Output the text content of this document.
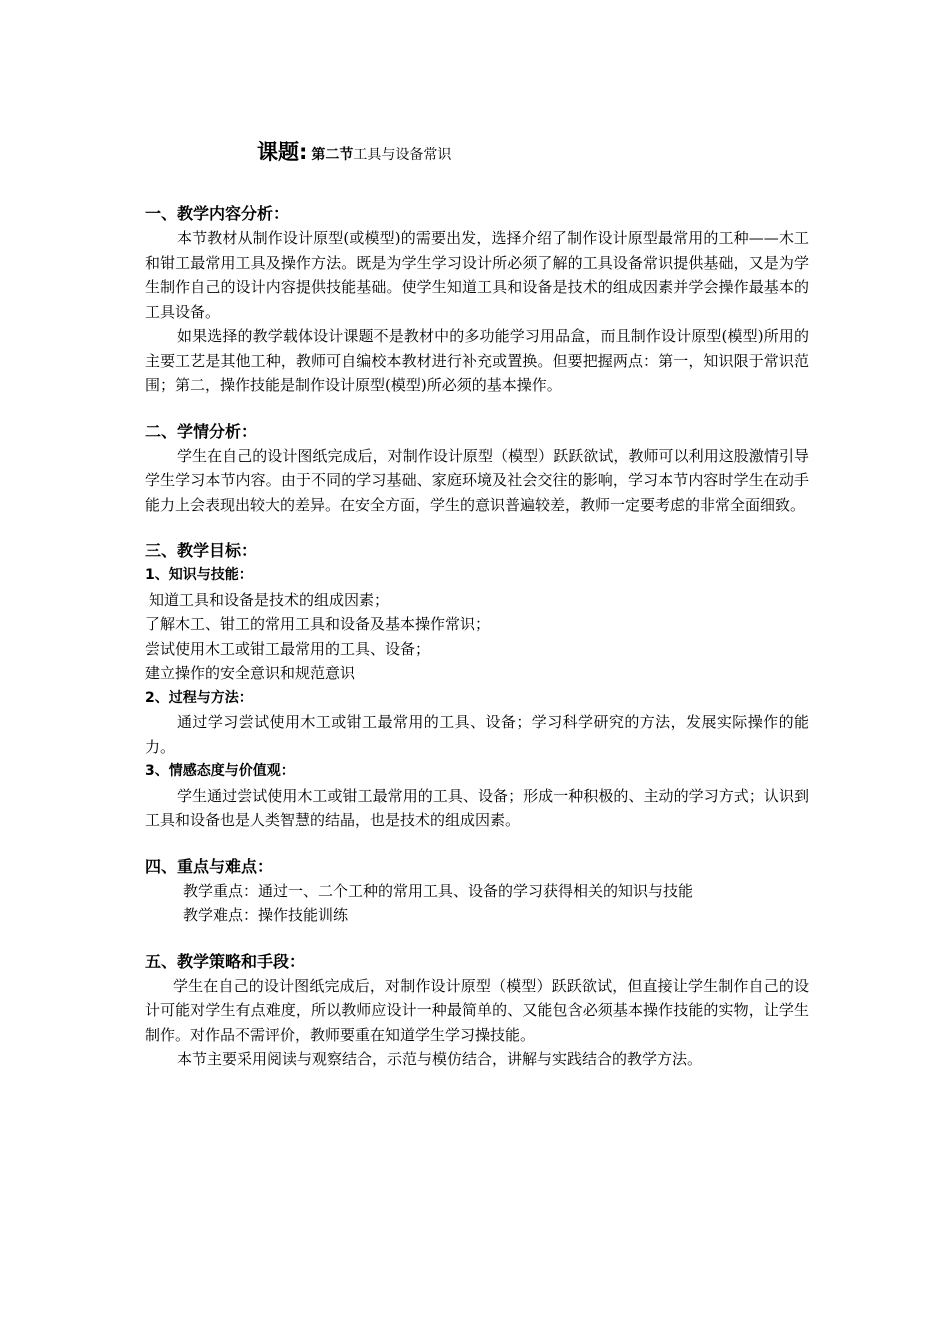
课题 : 第二节 工具与设备常识
一、教学内容分析：

本节教材从制作设计原型(或模型)的需要出发，选择介绍了制作设计原型最常用的工种——木工和钳工最常用工具及操作方法。既是为学生学习设计所必须了解的工具设备常识提供基础，又是为学生制作自己的设计内容提供技能基础。使学生知道工具和设备是技术的组成因素并学会操作最基本的工具设备。

如果选择的教学载体设计课题不是教材中的多功能学习用品盒，而且制作设计原型(模型)所用的主要工艺是其他工种，教师可自编校本教材进行补充或置换。但要把握两点：第一，知识限于常识范围；第二，操作技能是制作设计原型(模型)所必须的基本操作。

二、学情分析：

学生在自己的设计图纸完成后，对制作设计原型（模型）跃跃欲试，教师可以利用这股激情引导学生学习本节内容。由于不同的学习基础、家庭环境及社会交往的影响，学习本节内容时学生在动手能力上会表现出较大的差异。在安全方面，学生的意识普遍较差，教师一定要考虑的非常全面细致。

三、教学目标：
1、知识与技能：
知道工具和设备是技术的组成因素；
了解木工、钳工的常用工具和设备及基本操作常识；
尝试使用木工或钳工最常用的工具、设备；
建立操作的安全意识和规范意识
2、过程与方法：

通过学习尝试使用木工或钳工最常用的工具、设备；学习科学研究的方法，发展实际操作的能力。

3、情感态度与价值观：

学生通过尝试使用木工或钳工最常用的工具、设备；形成一种积极的、主动的学习方式；认识到工具和设备也是人类智慧的结晶，也是技术的组成因素。

四、重点与难点：
教学重点：通过一、二个工种的常用工具、设备的学习获得相关的知识与技能
教学难点：操作技能训练
五、教学策略和手段：

学生在自己的设计图纸完成后，对制作设计原型（模型）跃跃欲试，但直接让学生制作自己的设计可能对学生有点难度，所以教师应设计一种最简单的、又能包含必须基本操作技能的实物，让学生制作。对作品不需评价，教师要重在知道学生学习操技能。

本节主要采用阅读与观察结合，示范与模仿结合，讲解与实践结合的教学方法。
